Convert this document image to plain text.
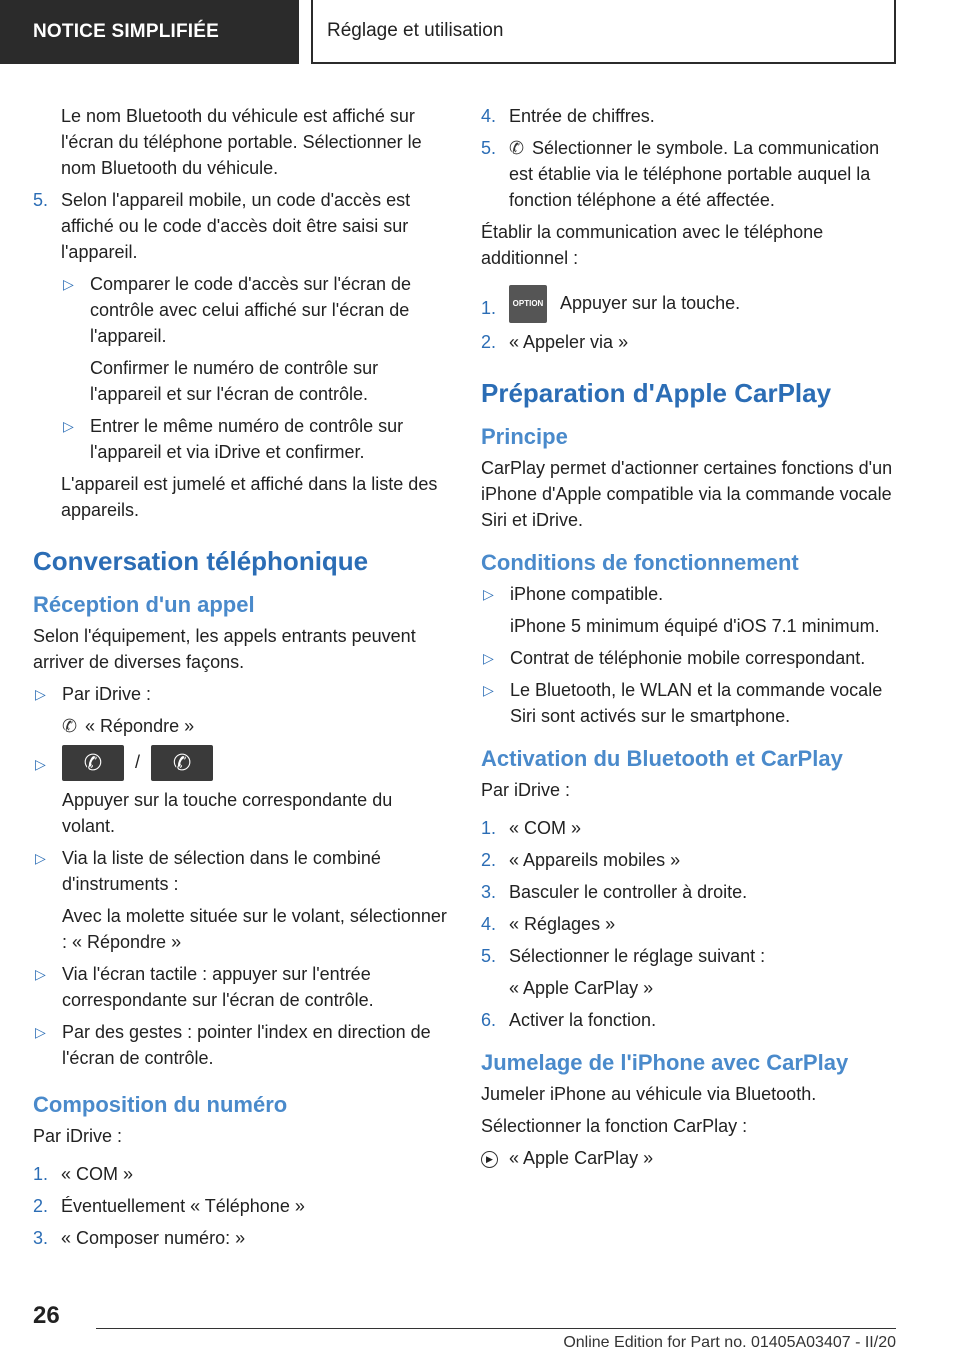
NOTICE SIMPLIFIÉE	Réglage et utilisation

Le nom Bluetooth du véhicule est affiché sur l'écran du téléphone portable. Sélectionner le nom Bluetooth du véhicule.

5. Selon l'appareil mobile, un code d'accès est affiché ou le code d'accès doit être saisi sur l'appareil.
▷ Comparer le code d'accès sur l'écran de contrôle avec celui affiché sur l'écran de l'appareil.

Confirmer le numéro de contrôle sur l'appareil et sur l'écran de contrôle.

▷ Entrer le même numéro de contrôle sur l'appareil et via iDrive et confirmer.

L'appareil est jumelé et affiché dans la liste des appareils.

Conversation téléphonique
Réception d'un appel

Selon l'équipement, les appels entrants peuvent arriver de diverses façons.

▷ Par iDrive :

✆ « Répondre »

▷	✆ / ✆

Appuyer sur la touche correspondante du volant.

▷ Via la liste de sélection dans le combiné d'instruments :

Avec la molette située sur le volant, sélectionner : « Répondre »

▷ Via l'écran tactile : appuyer sur l'entrée correspondante sur l'écran de contrôle.

▷ Par des gestes : pointer l'index en direction de l'écran de contrôle.

Composition du numéro

Par iDrive :

1. « COM »
2. Éventuellement « Téléphone »
3. « Composer numéro: »
4. Entrée de chiffres.
5. ✆ Sélectionner le symbole. La communication est établie via le téléphone portable auquel la fonction téléphone a été affectée.

Établir la communication avec le téléphone additionnel :

1. OPTION Appuyer sur la touche.
2. « Appeler via »
Préparation d'Apple CarPlay
Principe

CarPlay permet d'actionner certaines fonctions d'un iPhone d'Apple compatible via la commande vocale Siri et iDrive.

Conditions de fonctionnement
▷ iPhone compatible.

iPhone 5 minimum équipé d'iOS 7.1 minimum.

▷ Contrat de téléphonie mobile correspondant.

▷ Le Bluetooth, le WLAN et la commande vocale Siri sont activés sur le smartphone.

Activation du Bluetooth et CarPlay

Par iDrive :

1. « COM »
2. « Appareils mobiles »
3. Basculer le controller à droite.
4. « Réglages »
5. Sélectionner le réglage suivant :

« Apple CarPlay »

6. Activer la fonction.
Jumelage de l'iPhone avec CarPlay

Jumeler iPhone au véhicule via Bluetooth.

Sélectionner la fonction CarPlay :

▶ « Apple CarPlay »

26
Online Edition for Part no. 01405A03407 - II/20
